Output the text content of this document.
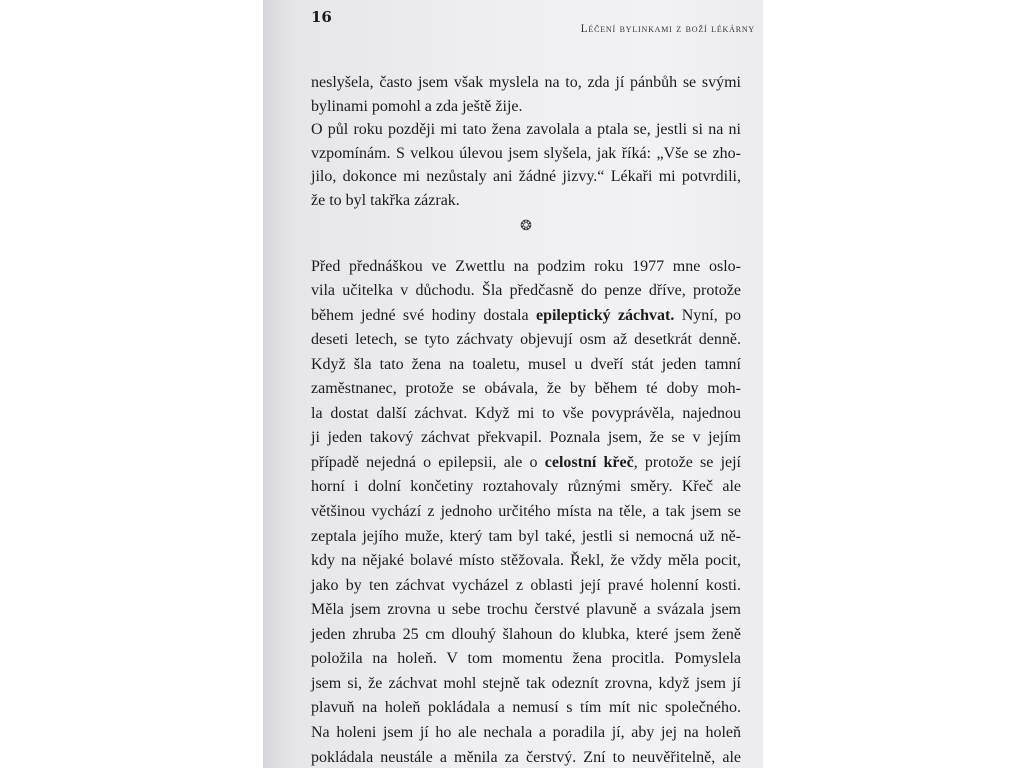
16
Léčení bylinkami z boží lékárny
neslyšela, často jsem však myslela na to, zda jí pánbůh se svými
bylinami pomohl a zda ještě žije.
O půl roku později mi tato žena zavolala a ptala se, jestli si na ni
vzpomínám. S velkou úlevou jsem slyšela, jak říká: „Vše se zho-
jilo, dokonce mi nezůstaly ani žádné jizvy.“ Lékaři mi potvrdili,
že to byl takřka zázrak.
❂
Před přednáškou ve Zwettlu na podzim roku 1977 mne oslo-
vila učitelka v důchodu. Šla předčasně do penze dříve, protože
během jedné své hodiny dostala epileptický záchvat. Nyní, po
deseti letech, se tyto záchvaty objevují osm až desetkrát denně.
Když šla tato žena na toaletu, musel u dveří stát jeden tamní
zaměstnanec, protože se obávala, že by během té doby moh-
la dostat další záchvat. Když mi to vše povyprávěla, najednou
ji jeden takový záchvat překvapil. Poznala jsem, že se v jejím
případě nejedná o epilepsii, ale o celostní křeč, protože se její
horní i dolní končetiny roztahovaly různými směry. Křeč ale
většinou vychází z jednoho určitého místa na těle, a tak jsem se
zeptala jejího muže, který tam byl také, jestli si nemocná už ně-
kdy na nějaké bolavé místo stěžovala. Řekl, že vždy měla pocit,
jako by ten záchvat vycházel z oblasti její pravé holenní kosti.
Měla jsem zrovna u sebe trochu čerstvé plavuně a svázala jsem
jeden zhruba 25 cm dlouhý šlahoun do klubka, které jsem ženě
položila na holeň. V tom momentu žena procitla. Pomyslela
jsem si, že záchvat mohl stejně tak odeznít zrovna, když jsem jí
plavuň na holeň pokládala a nemusí s tím mít nic společného.
Na holeni jsem jí ho ale nechala a poradila jí, aby jej na holeň
pokládala neustále a měnila za čerstvý. Zní to neuvěřitelně, ale
